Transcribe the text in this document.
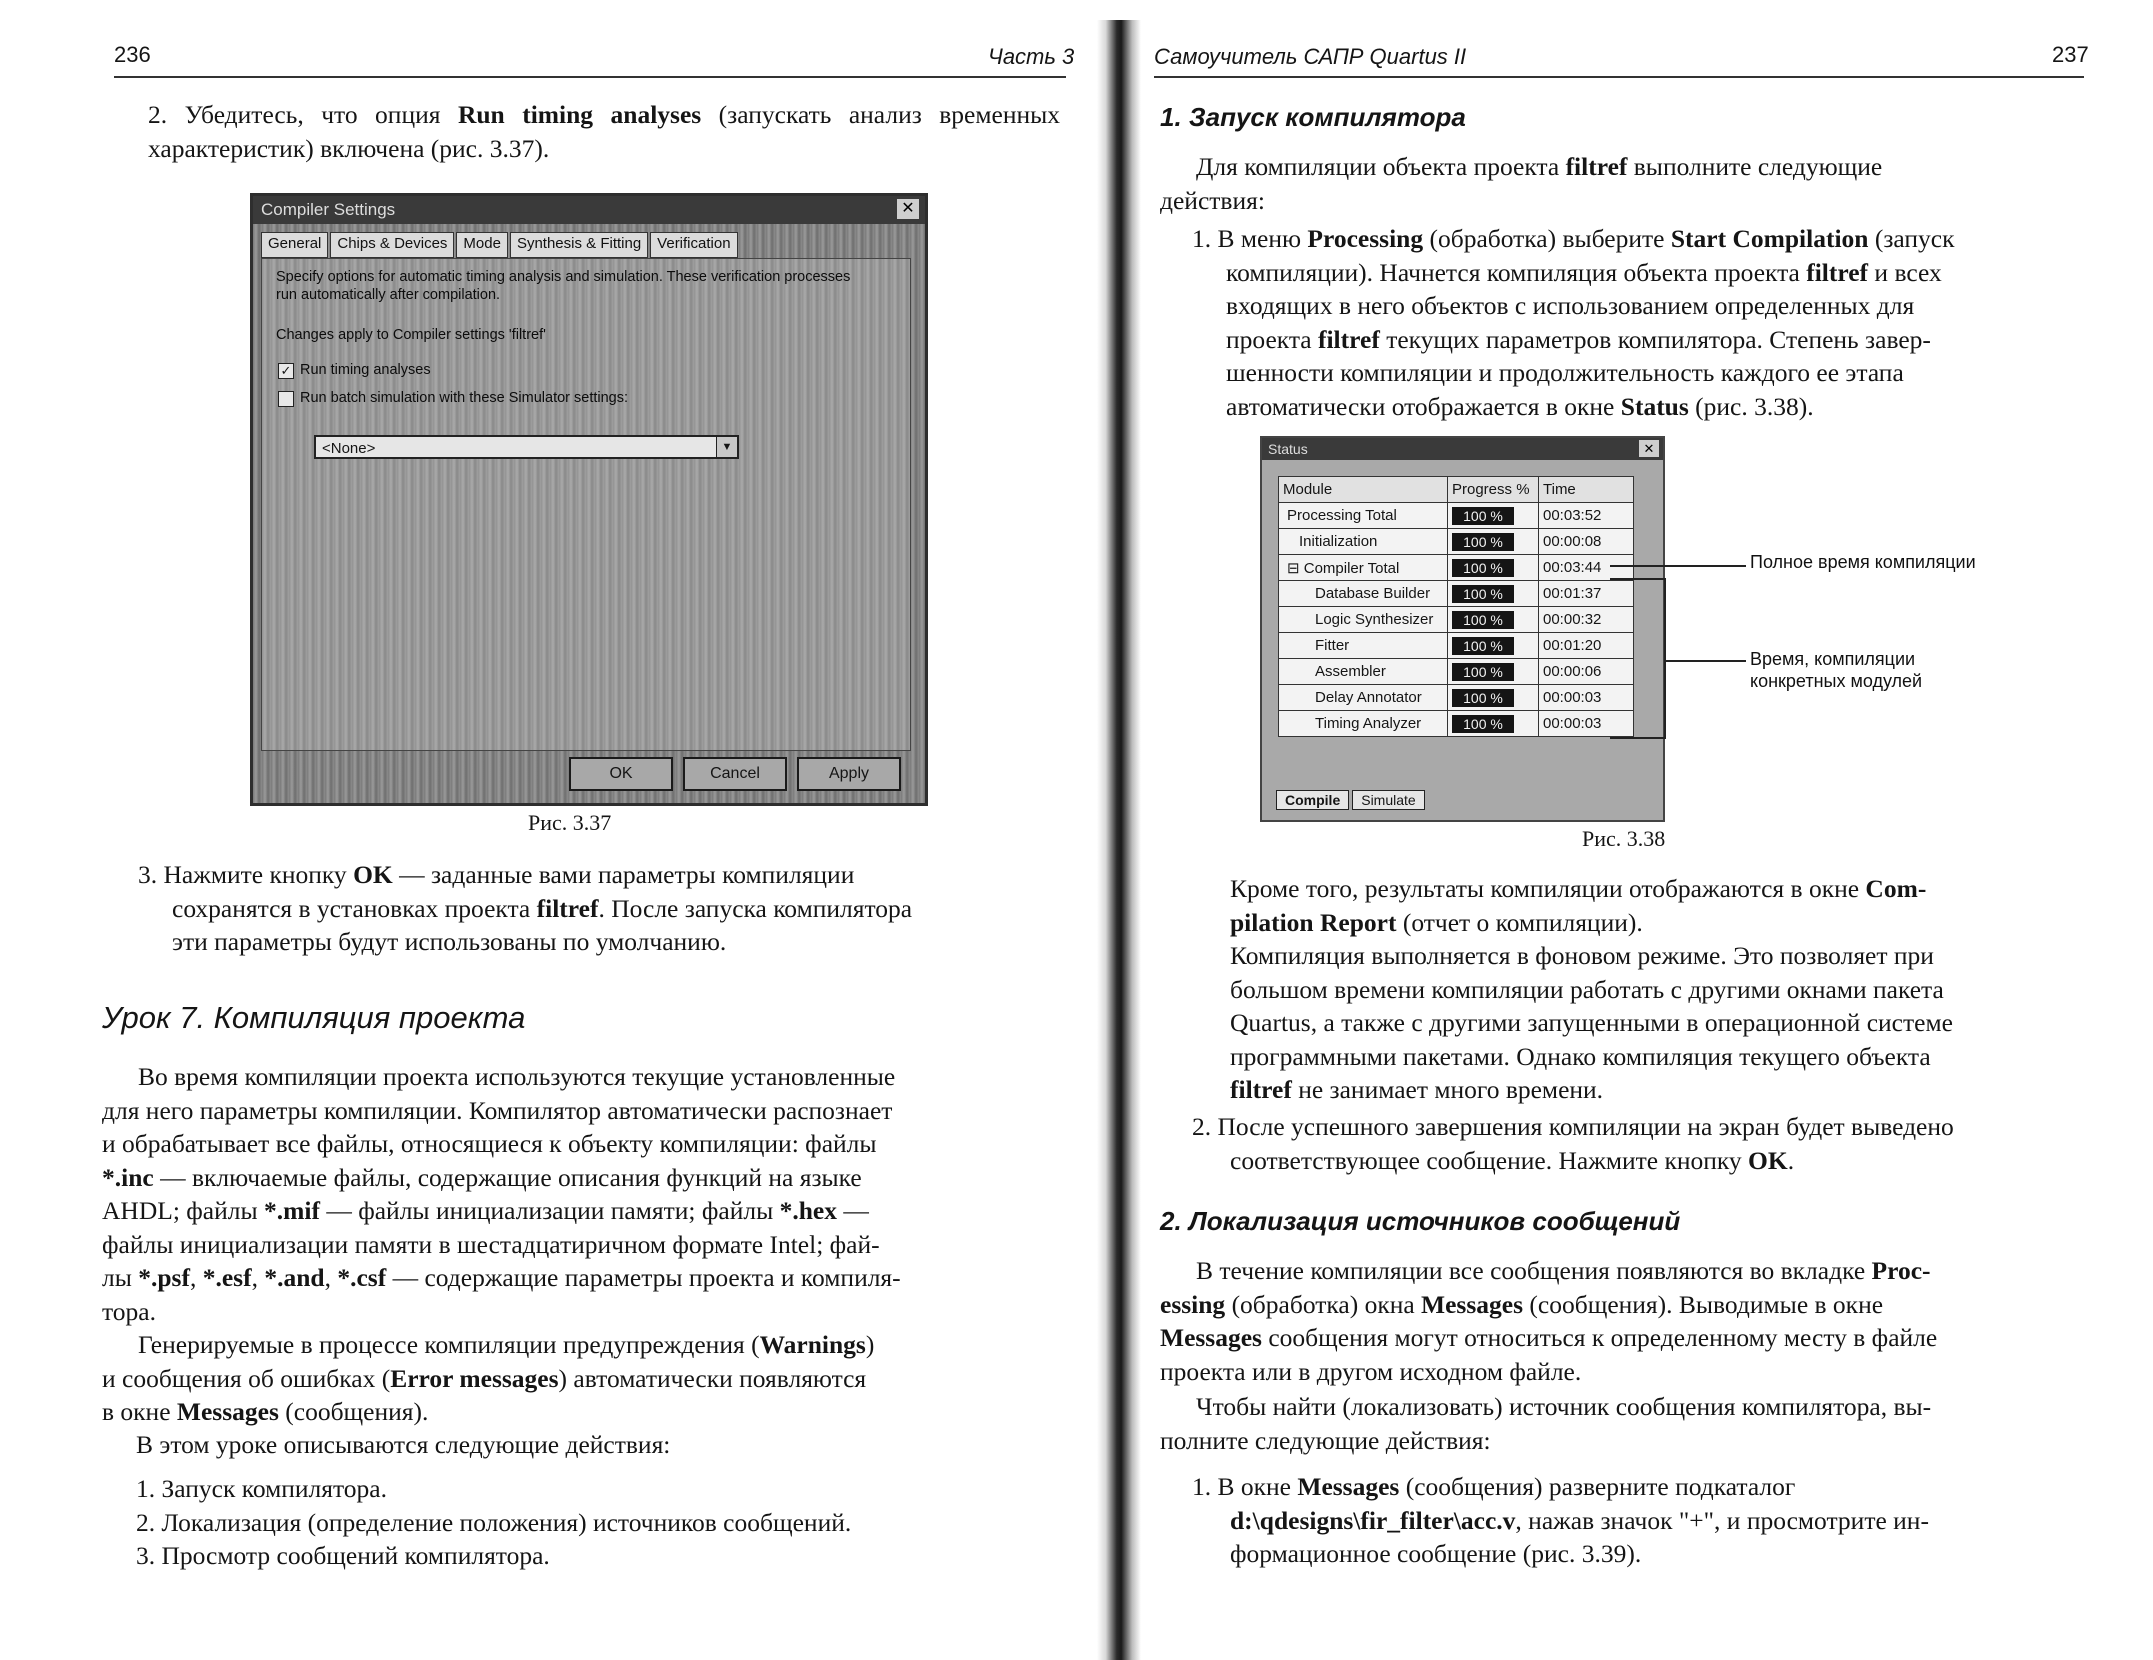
236	Часть 3
2. Убедитесь, что опция Run timing analyses (запускать анализ временных характеристик) включена (рис. 3.37).
Compiler Settings	✕
General	Chips & Devices	Mode	Synthesis & Fitting	Verification
Specify options for automatic timing analysis and simulation. These verification processes
run automatically after compilation.
Changes apply to Compiler settings 'filtref'
✓ Run timing analyses
Run batch simulation with these Simulator settings:
<None>	▼
OK	Cancel	Apply
Рис. 3.37
3. Нажмите кнопку OK — заданные вами параметры компиляции
сохранятся в установках проекта filtref. После запуска компилятора
эти параметры будут использованы по умолчанию.
Урок 7. Компиляция проекта
Во время компиляции проекта используются текущие установленные
для него параметры компиляции. Компилятор автоматически распознает
и обрабатывает все файлы, относящиеся к объекту компиляции: файлы
*.inc — включаемые файлы, содержащие описания функций на языке
AHDL; файлы *.mif — файлы инициализации памяти; файлы *.hex —
файлы инициализации памяти в шестадцатиричном формате Intel; фай-
лы *.psf, *.esf, *.and, *.csf — содержащие параметры проекта и компиля-
тора.
Генерируемые в процессе компиляции предупреждения (Warnings)
и сообщения об ошибках (Error messages) автоматически появляются
в окне Messages (сообщения).
В этом уроке описываются следующие действия:
1. Запуск компилятора.
2. Локализация (определение положения) источников сообщений.
3. Просмотр сообщений компилятора.
Самоучитель САПР Quartus II	237
1. Запуск компилятора
Для компиляции объекта проекта filtref выполните следующие
действия:
1. В меню Processing (обработка) выберите Start Compilation (запуск
компиляции). Начнется компиляция объекта проекта filtref и всех
входящих в него объектов с использованием определенных для
проекта filtref текущих параметров компилятора. Степень завер-
шенности компиляции и продолжительность каждого ее этапа
автоматически отображается в окне Status (рис. 3.38).
Status	✕
Module	Progress %	Time
Processing Total	100 %	00:03:52
Initialization	100 %	00:00:08
⊟ Compiler Total	100 %	00:03:44
Database Builder	100 %	00:01:37
Logic Synthesizer	100 %	00:00:32
Fitter	100 %	00:01:20
Assembler	100 %	00:00:06
Delay Annotator	100 %	00:00:03
Timing Analyzer	100 %	00:00:03
Compile	Simulate
Полное время компиляции
Время, компиляции
конкретных модулей
Рис. 3.38
Кроме того, результаты компиляции отображаются в окне Com-
pilation Report (отчет о компиляции).
Компиляция выполняется в фоновом режиме. Это позволяет при
большом времени компиляции работать с другими окнами пакета
Quartus, а также с другими запущенными в операционной системе
программными пакетами. Однако компиляция текущего объекта
filtref не занимает много времени.
2. После успешного завершения компиляции на экран будет выведено
соответствующее сообщение. Нажмите кнопку OK.
2. Локализация источников сообщений
В течение компиляции все сообщения появляются во вкладке Proc-
essing (обработка) окна Messages (сообщения). Выводимые в окне
Messages сообщения могут относиться к определенному месту в файле
проекта или в другом исходном файле.
Чтобы найти (локализовать) источник сообщения компилятора, вы-
полните следующие действия:
1. В окне Messages (сообщения) разверните подкаталог
d:\qdesigns\fir_filter\acc.v, нажав значок "+", и просмотрите ин-
формационное сообщение (рис. 3.39).
